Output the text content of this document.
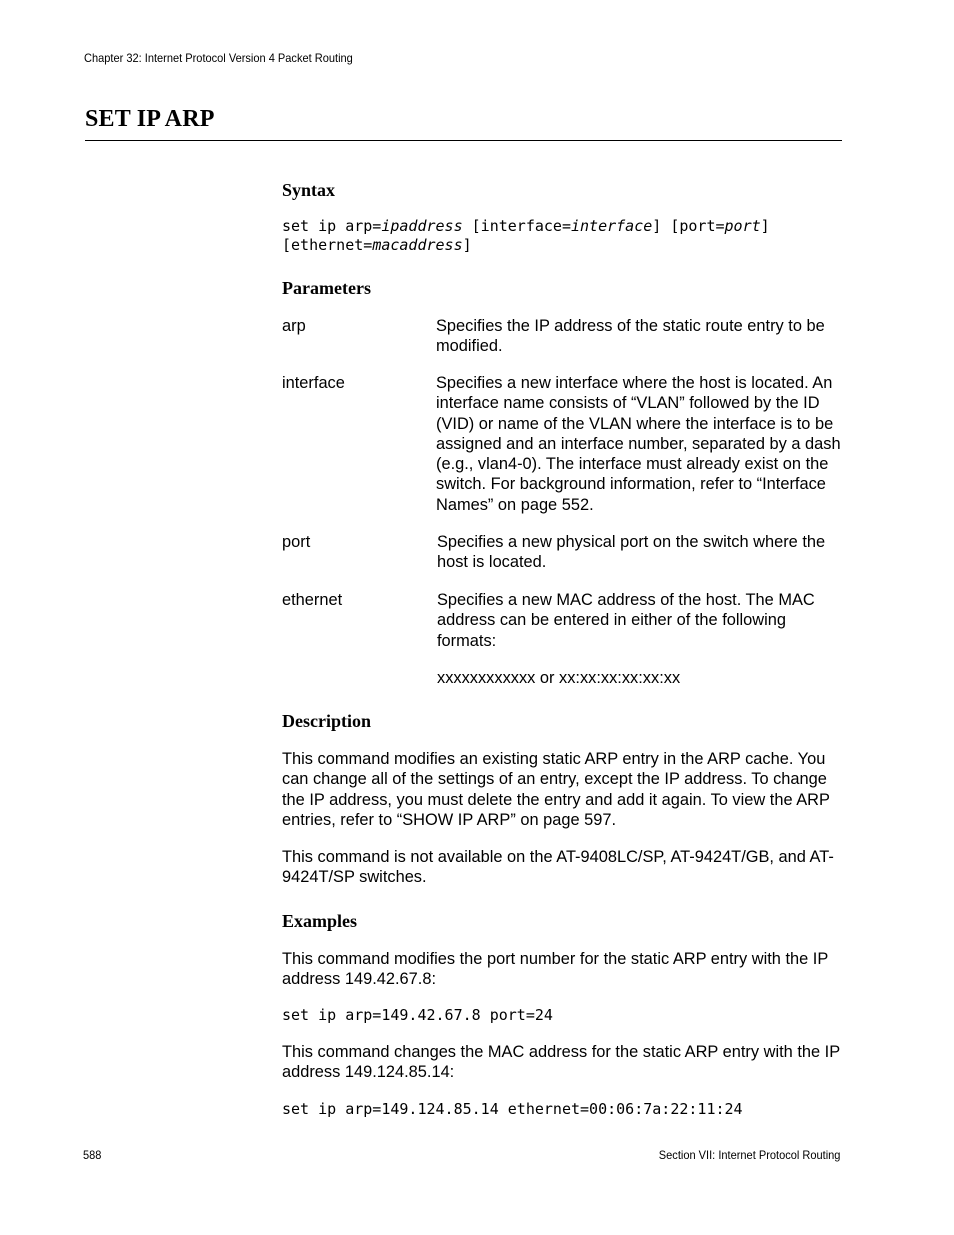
Chapter 32: Internet Protocol Version 4 Packet Routing
SET IP ARP
Syntax
set ip arp=ipaddress [interface=interface] [port=port]
[ethernet=macaddress]
Parameters
arp	Specifies the IP address of the static route entry to be modified.
interface	Specifies a new interface where the host is located. An interface name consists of “VLAN” followed by the ID (VID) or name of the VLAN where the interface is to be assigned and an interface number, separated by a dash (e.g., vlan4-0). The interface must already exist on the switch. For background information, refer to “Interface Names” on page 552.
port	Specifies a new physical port on the switch where the host is located.
ethernet	Specifies a new MAC address of the host. The MAC address can be entered in either of the following formats:
xxxxxxxxxxxx or xx:xx:xx:xx:xx:xx
Description
This command modifies an existing static ARP entry in the ARP cache. You can change all of the settings of an entry, except the IP address. To change the IP address, you must delete the entry and add it again. To view the ARP entries, refer to “SHOW IP ARP” on page 597.
This command is not available on the AT-9408LC/SP, AT-9424T/GB, and AT-9424T/SP switches.
Examples
This command modifies the port number for the static ARP entry with the IP address 149.42.67.8:
set ip arp=149.42.67.8 port=24
This command changes the MAC address for the static ARP entry with the IP address 149.124.85.14:
set ip arp=149.124.85.14 ethernet=00:06:7a:22:11:24
588	Section VII: Internet Protocol Routing
